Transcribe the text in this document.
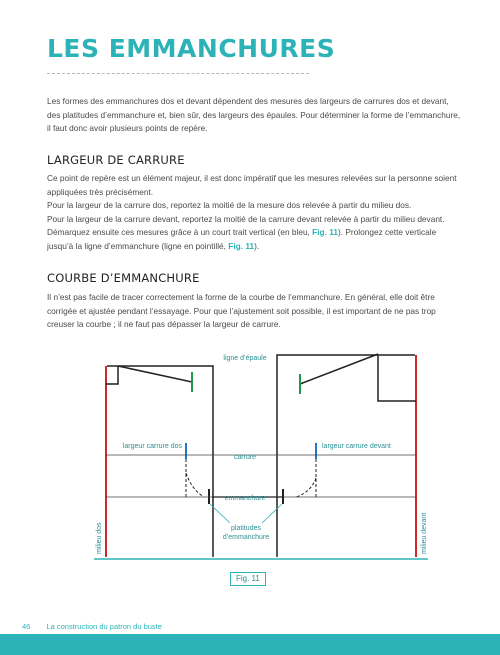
LES EMMANCHURES

Les formes des emmanchures dos et devant dépendent des mesures des largeurs de carrures dos et devant, des platitudes d’emmanchure et, bien sûr, des largeurs des épaules. Pour déterminer la forme de l’emmanchure, il faut donc avoir plusieurs points de repère.

LARGEUR DE CARRURE

Ce point de repère est un élément majeur, il est donc impératif que les mesures relevées sur la personne soient appliquées très précisément.

Pour la largeur de la carrure dos, reportez la moitié de la mesure dos relevée à partir du milieu dos.

Pour la largeur de la carrure devant, reportez la moitié de la carrure devant relevée à partir du milieu devant. Démarquez ensuite ces mesures grâce à un court trait vertical (en bleu, Fig. 11). Prolongez cette verticale jusqu’à la ligne d’emmanchure (ligne en pointillé, Fig. 11).

COURBE D’EMMANCHURE

Il n’est pas facile de tracer correctement la forme de la courbe de l’emmanchure. En général, elle doit être corrigée et ajustée pendant l’essayage. Pour que l’ajustement soit possible, il est important de ne pas trop creuser la courbe ; il ne faut pas dépasser la largeur de carrure.

ligne d’épaule
largeur carrure dos	largeur carrure devant
carrure
emmanchure
platitudes
d’emmanchure
milieu dos	milieu devant
Fig. 11
46 La construction du patron du buste
